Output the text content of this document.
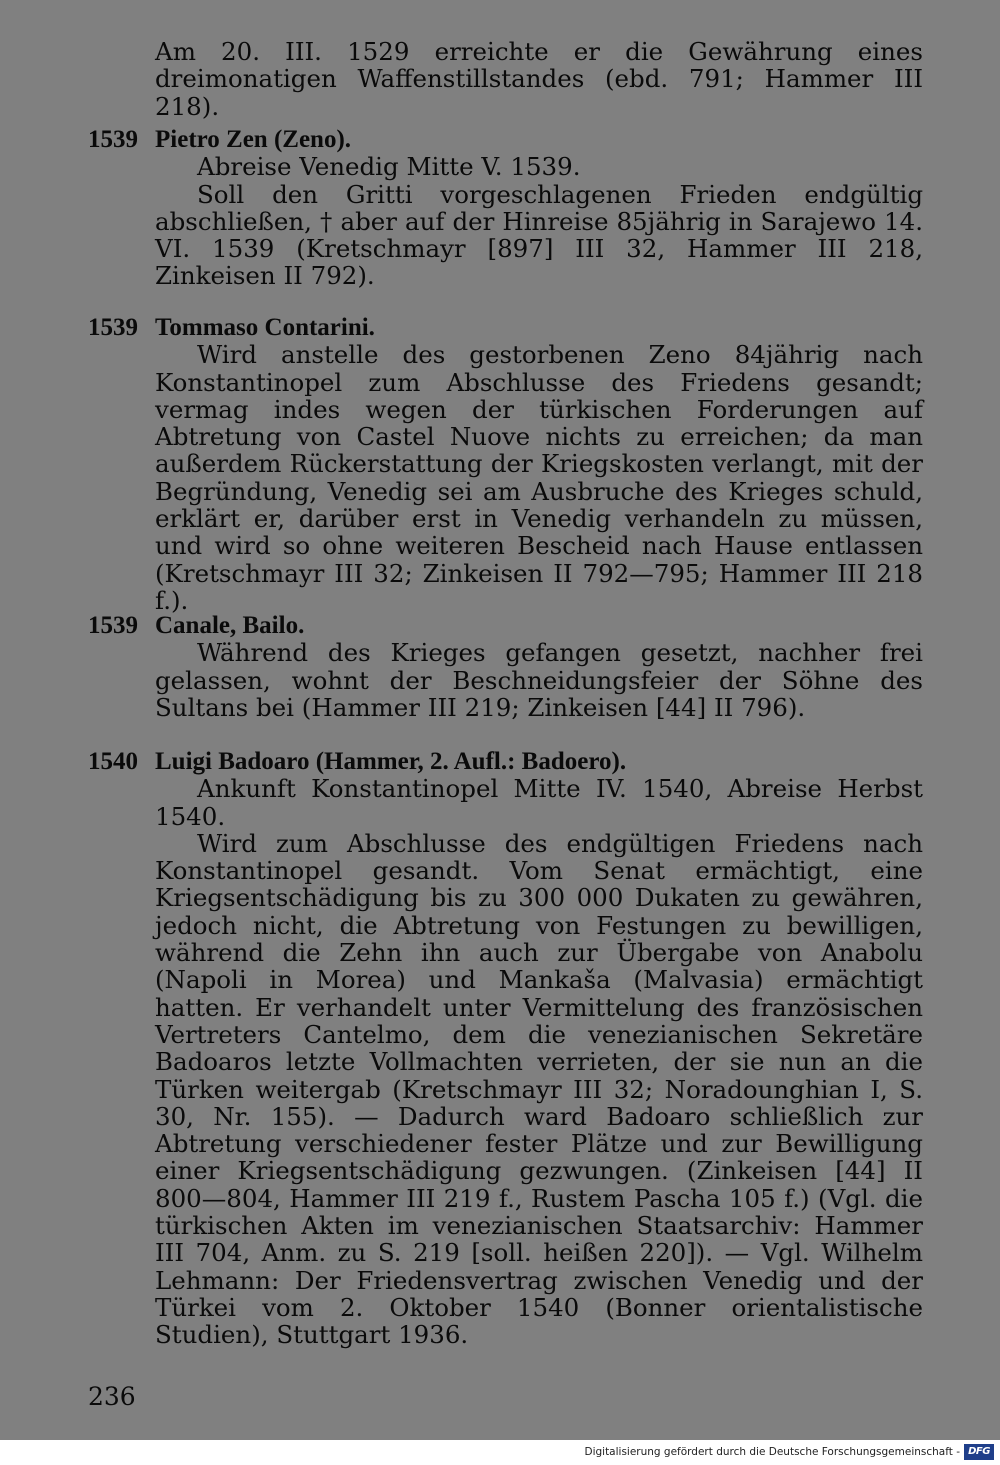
Am 20. III. 1529 erreichte er die Gewährung eines dreimonatigen Waffenstillstandes (ebd. 791; Hammer III 218).

1539 Pietro Zen (Zeno).

Abreise Venedig Mitte V. 1539.

Soll den Gritti vorgeschlagenen Frieden endgültig abschließen, † aber auf der Hinreise 85jährig in Sarajewo 14. VI. 1539 (Kretschmayr [897] III 32, Hammer III 218, Zinkeisen II 792).

1539 Tommaso Contarini.

Wird anstelle des gestorbenen Zeno 84jährig nach Konstantinopel zum Abschlusse des Friedens gesandt; vermag indes wegen der türkischen Forderungen auf Abtretung von Castel Nuove nichts zu erreichen; da man außerdem Rückerstattung der Kriegskosten verlangt, mit der Begründung, Venedig sei am Ausbruche des Krieges schuld, erklärt er, darüber erst in Venedig verhandeln zu müssen, und wird so ohne weiteren Bescheid nach Hause entlassen (Kretschmayr III 32; Zinkeisen II 792—795; Hammer III 218 f.).

1539 Canale, Bailo.

Während des Krieges gefangen gesetzt, nachher frei gelassen, wohnt der Beschneidungsfeier der Söhne des Sultans bei (Hammer III 219; Zinkeisen [44] II 796).

1540 Luigi Badoaro (Hammer, 2. Aufl.: Badoero).

Ankunft Konstantinopel Mitte IV. 1540, Abreise Herbst 1540.

Wird zum Abschlusse des endgültigen Friedens nach Konstantinopel gesandt. Vom Senat ermächtigt, eine Kriegsentschädigung bis zu 300 000 Dukaten zu gewähren, jedoch nicht, die Abtretung von Festungen zu bewilligen, während die Zehn ihn auch zur Übergabe von Anabolu (Napoli in Morea) und Mankaša (Malvasia) ermächtigt hatten. Er verhandelt unter Vermittelung des französischen Vertreters Cantelmo, dem die venezianischen Sekretäre Badoaros letzte Vollmachten verrieten, der sie nun an die Türken weitergab (Kretschmayr III 32; Noradounghian I, S. 30, Nr. 155). — Dadurch ward Badoaro schließlich zur Abtretung verschiedener fester Plätze und zur Bewilligung einer Kriegsentschädigung gezwungen. (Zinkeisen [44] II 800—804, Hammer III 219 f., Rustem Pascha 105 f.) (Vgl. die türkischen Akten im venezianischen Staatsarchiv: Hammer III 704, Anm. zu S. 219 [soll. heißen 220]). — Vgl. Wilhelm Lehmann: Der Friedensvertrag zwischen Venedig und der Türkei vom 2. Oktober 1540 (Bonner orientalistische Studien), Stuttgart 1936.

236

Digitalisierung gefördert durch die Deutsche Forschungsgemeinschaft - DFG
